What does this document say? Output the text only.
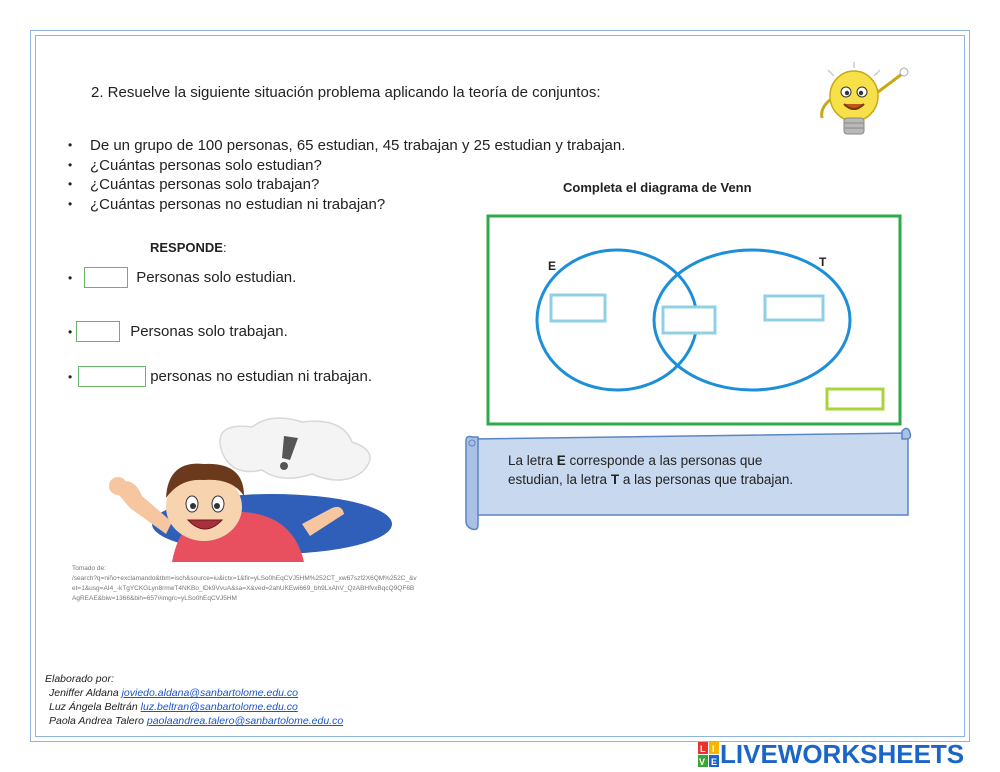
2. Resuelve la siguiente situación problema aplicando la teoría de conjuntos:
• De un grupo de 100 personas, 65 estudian, 45 trabajan y 25 estudian y trabajan.
• ¿Cuántas personas solo estudian?
• ¿Cuántas personas solo trabajan?
• ¿Cuántas personas no estudian ni trabajan?
RESPONDE:
•	Personas solo estudian.
•	Personas solo trabajan.
•	personas no estudian ni trabajan.
Tomado de:
/search?q=niño+exclamando&tbm=isch&source=iu&ictx=1&fir=yLSo0hEqCVJ5HM%252CT_xw67szf2X6QM%252C_&vet=1&usg=AI4_-kTgYCKGLyn8rmwT4NKBo_lDk9VvuA&sa=X&ved=2ahUKEwi669_bh9LxAhV_QzABHfvxBqcQ9QF6BAgREAE&biw=1366&bih=657#imgrc=yLSo0hEqCVJ5HM
Completa el diagrama de Venn
E	T
La letra E corresponde a las personas que
estudian, la letra T a las personas que trabajan.
Elaborado por:
Jeniffer Aldana joviedo.aldana@sanbartolome.edu.co
Luz Ángela Beltrán luz.beltran@sanbartolome.edu.co
Paola Andrea Talero paolaandrea.talero@sanbartolome.edu.co
L I
V E LIVEWORKSHEETS
